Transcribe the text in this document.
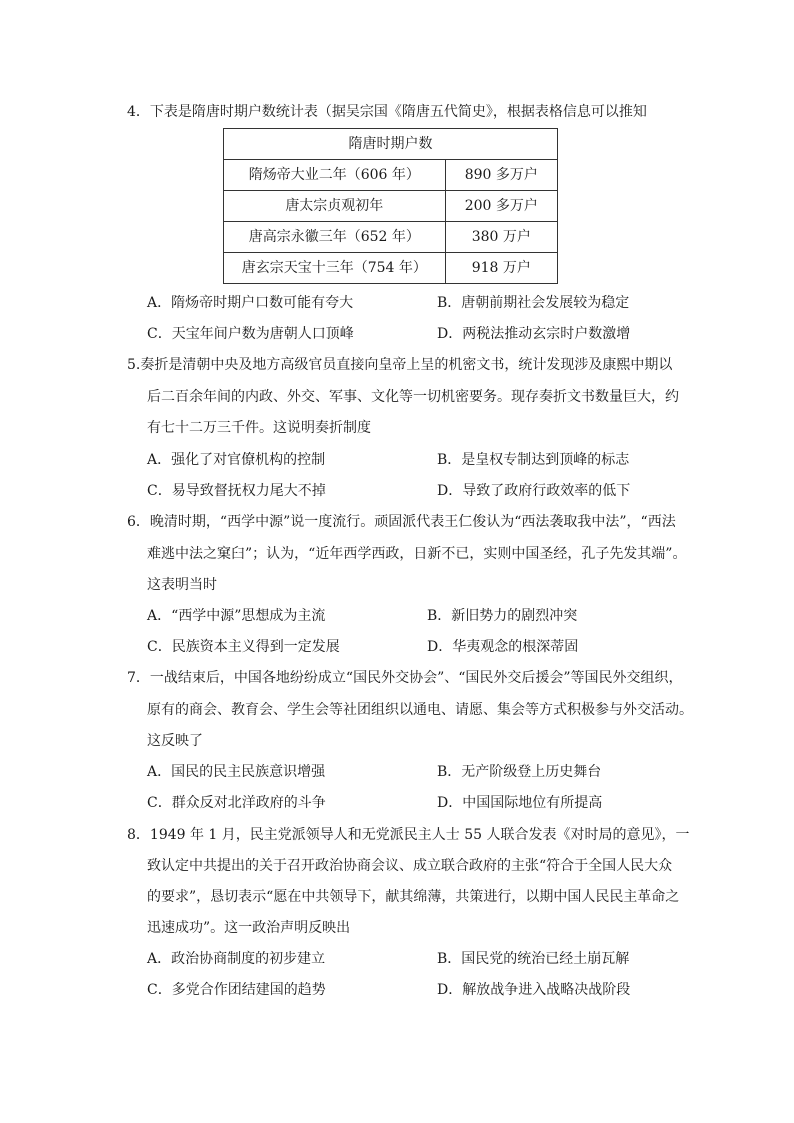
4．下表是隋唐时期户数统计表（据吴宗国《隋唐五代简史》，根据表格信息可以推知
隋唐时期户数	
隋炀帝大业二年（606 年）	890 多万户
唐太宗贞观初年	200 多万户
唐高宗永徽三年（652 年）	380 万户
唐玄宗天宝十三年（754 年）	918 万户
A．隋炀帝时期户口数可能有夸大	B．唐朝前期社会发展较为稳定
C．天宝年间户数为唐朝人口顶峰	D．两税法推动玄宗时户数激增
5.奏折是清朝中央及地方高级官员直接向皇帝上呈的机密文书，统计发现涉及康熙中期以
后二百余年间的内政、外交、军事、文化等一切机密要务。现存奏折文书数量巨大，约
有七十二万三千件。这说明奏折制度
A．强化了对官僚机构的控制	B．是皇权专制达到顶峰的标志
C．易导致督抚权力尾大不掉	D．导致了政府行政效率的低下
6．晚清时期，“西学中源”说一度流行。顽固派代表王仁俊认为“西法袭取我中法”，“西法
难逃中法之窠臼”；认为，“近年西学西政，日新不已，实则中国圣经，孔子先发其端”。
这表明当时
A．“西学中源”思想成为主流	B．新旧势力的剧烈冲突
C．民族资本主义得到一定发展	D．华夷观念的根深蒂固
7．一战结束后，中国各地纷纷成立“国民外交协会”、“国民外交后援会”等国民外交组织，
原有的商会、教育会、学生会等社团组织以通电、请愿、集会等方式积极参与外交活动。
这反映了
A．国民的民主民族意识增强	B．无产阶级登上历史舞台
C．群众反对北洋政府的斗争	D．中国国际地位有所提高
8．1949 年 1 月，民主党派领导人和无党派民主人士 55 人联合发表《对时局的意见》，一
致认定中共提出的关于召开政治协商会议、成立联合政府的主张“符合于全国人民大众
的要求”，恳切表示“愿在中共领导下，献其绵薄，共策进行，以期中国人民民主革命之
迅速成功”。这一政治声明反映出
A．政治协商制度的初步建立	B．国民党的统治已经土崩瓦解
C．多党合作团结建国的趋势	D．解放战争进入战略决战阶段
